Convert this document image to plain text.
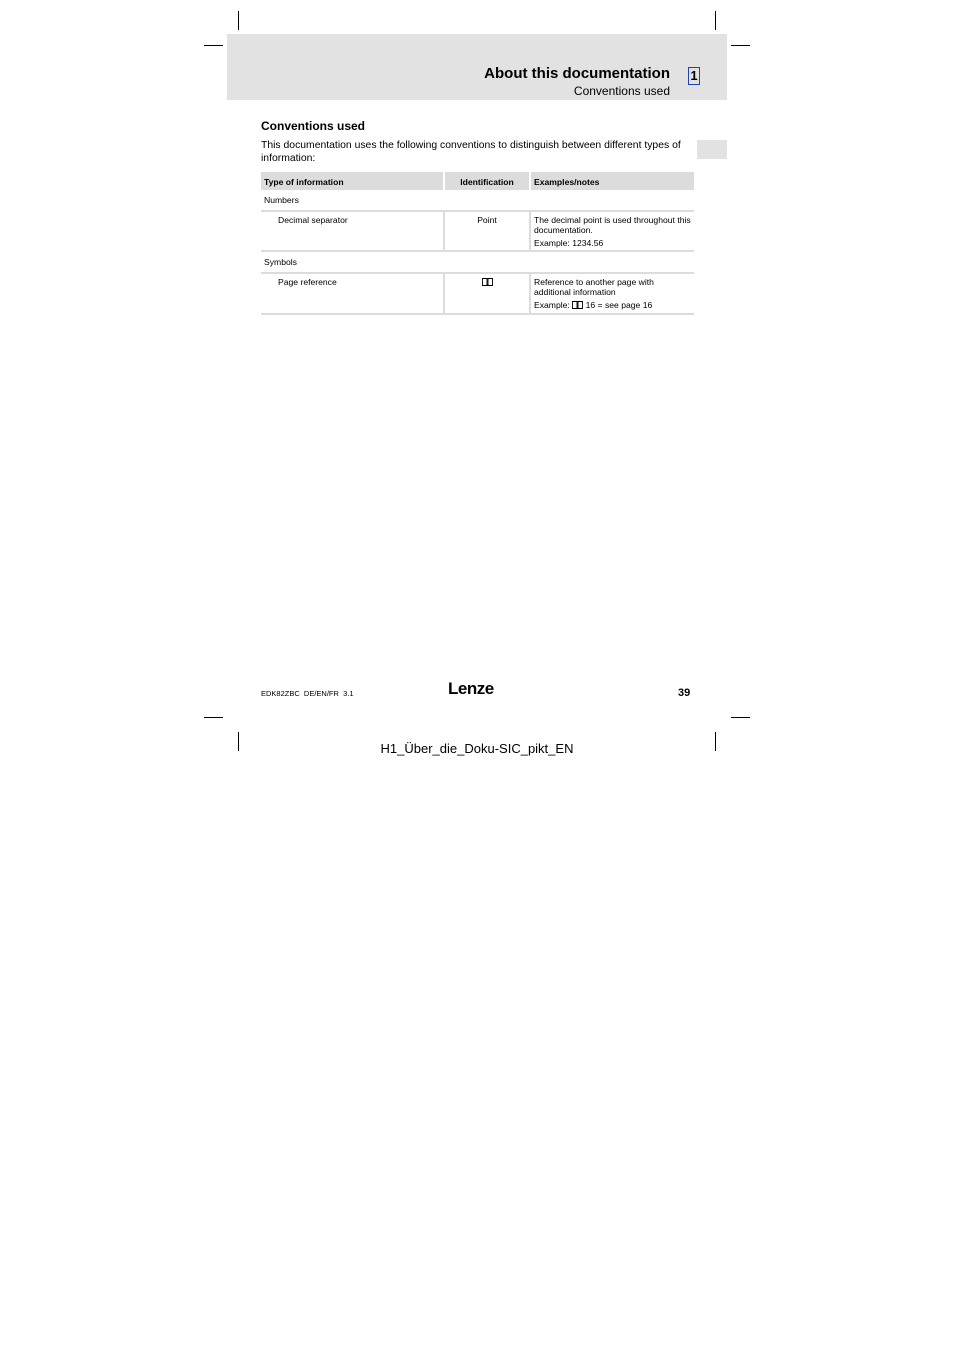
About this documentation
Conventions used
1
Conventions used
This documentation uses the following conventions to distinguish between different types of information:
Type of information	Identification	Examples/notes
Numbers		
Decimal separator	Point	The decimal point is used throughout this documentation.
Example: 1234.56

Symbols		
Page reference		Reference to another page with additional information
Example: 16 = see page 16
EDK82ZBC  DE/EN/FR  3.1	Lenze	39
H1_Über_die_Doku-SIC_pikt_EN
